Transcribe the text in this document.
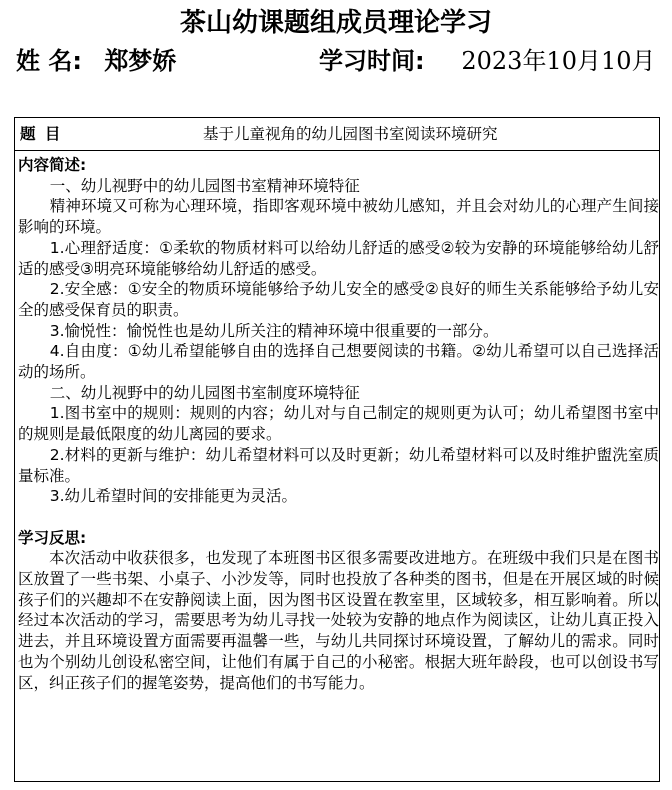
茶山幼课题组成员理论学习
姓 名: 郑梦娇	学习时间: 2023年10月10月
题 目	基于儿童视角的幼儿园图书室阅读环境研究
内容简述:

一、幼儿视野中的幼儿园图书室精神环境特征

精神环境又可称为心理环境，指即客观环境中被幼儿感知，并且会对幼儿的心理产生间接影响的环境。

1.心理舒适度：①柔软的物质材料可以给幼儿舒适的感受②较为安静的环境能够给幼儿舒适的感受③明亮环境能够给幼儿舒适的感受。

2.安全感：①安全的物质环境能够给予幼儿安全的感受②良好的师生关系能够给予幼儿安全的感受保育员的职责。

3.愉悦性：愉悦性也是幼儿所关注的精神环境中很重要的一部分。

4.自由度：①幼儿希望能够自由的选择自己想要阅读的书籍。②幼儿希望可以自己选择活动的场所。

二、幼儿视野中的幼儿园图书室制度环境特征

1.图书室中的规则：规则的内容；幼儿对与自己制定的规则更为认可；幼儿希望图书室中的规则是最低限度的幼儿离园的要求。

2.材料的更新与维护：幼儿希望材料可以及时更新；幼儿希望材料可以及时维护盥洗室质量标准。

3.幼儿希望时间的安排能更为灵活。

学习反思:

本次活动中收获很多，也发现了本班图书区很多需要改进地方。在班级中我们只是在图书区放置了一些书架、小桌子、小沙发等，同时也投放了各种类的图书，但是在开展区域的时候孩子们的兴趣却不在安静阅读上面，因为图书区设置在教室里，区域较多，相互影响着。所以经过本次活动的学习，需要思考为幼儿寻找一处较为安静的地点作为阅读区，让幼儿真正投入进去，并且环境设置方面需要再温馨一些，与幼儿共同探讨环境设置，了解幼儿的需求。同时也为个别幼儿创设私密空间，让他们有属于自己的小秘密。根据大班年龄段，也可以创设书写区，纠正孩子们的握笔姿势，提高他们的书写能力。
